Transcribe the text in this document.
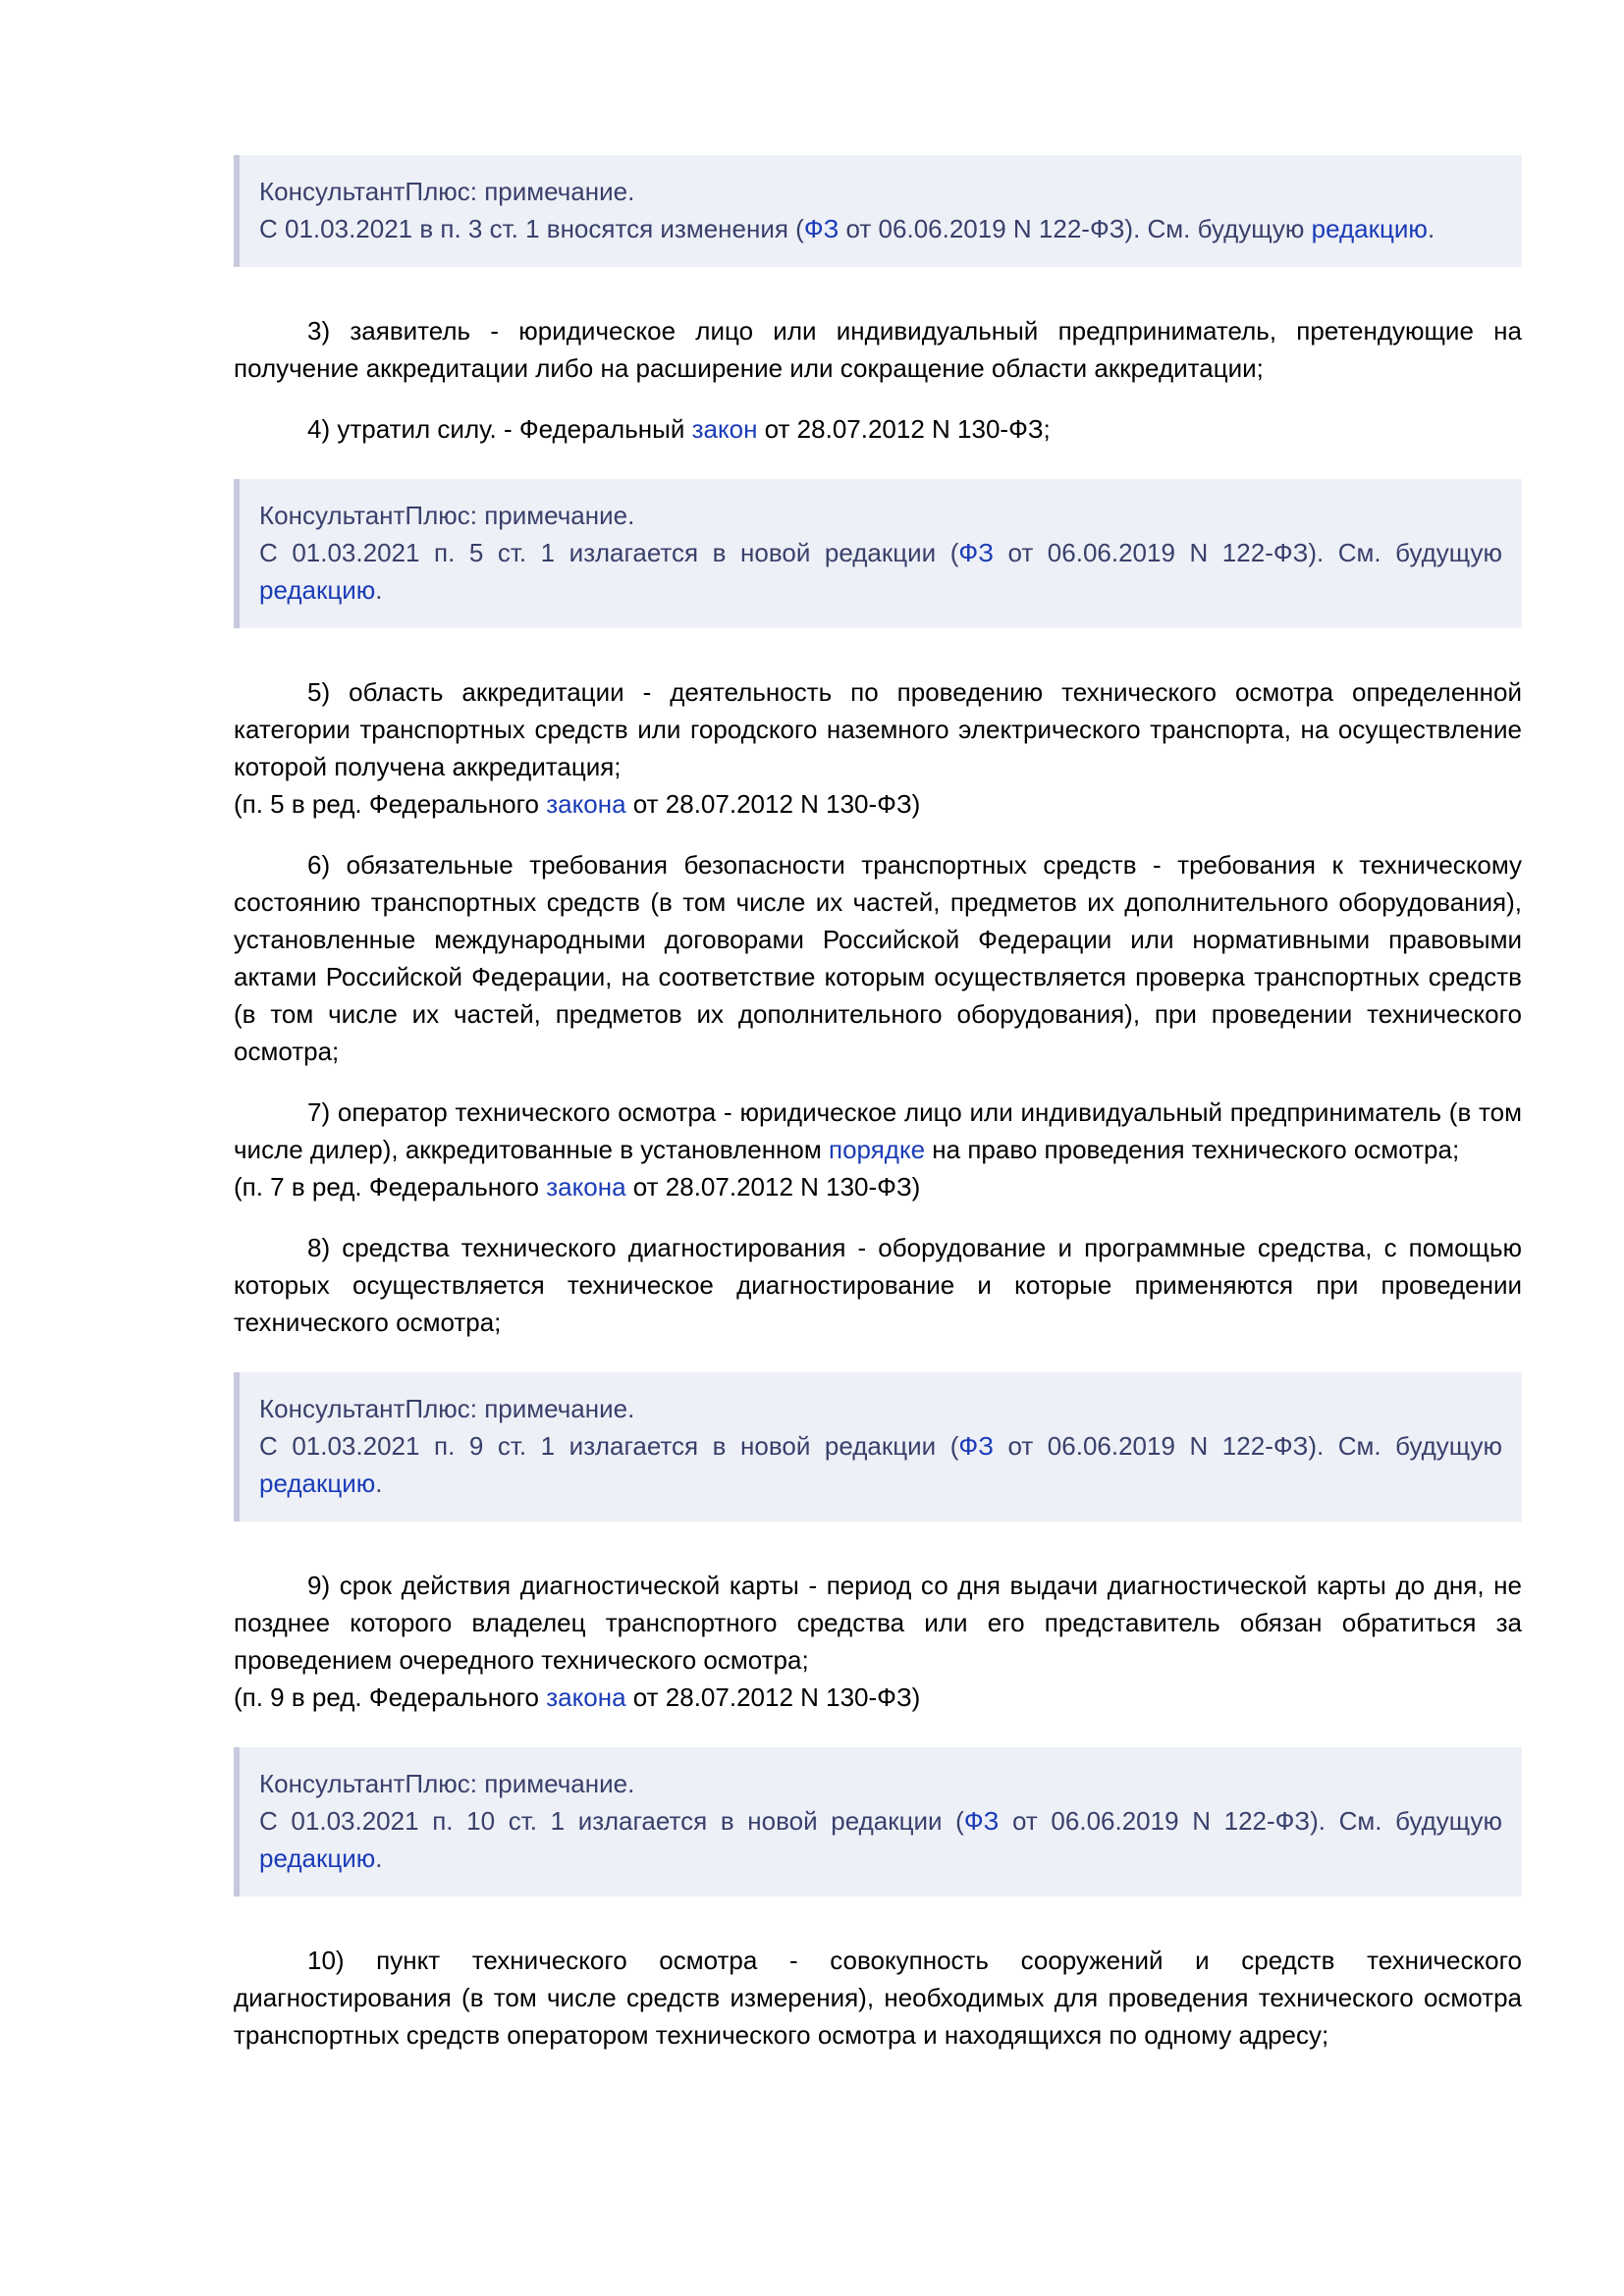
КонсультантПлюс: примечание.
С 01.03.2021 в п. 3 ст. 1 вносятся изменения (ФЗ от 06.06.2019 N 122-ФЗ). См. будущую редакцию.

3) заявитель - юридическое лицо или индивидуальный предприниматель, претендующие на получение аккредитации либо на расширение или сокращение области аккредитации;

4) утратил силу. - Федеральный закон от 28.07.2012 N 130-ФЗ;

КонсультантПлюс: примечание.
С 01.03.2021 п. 5 ст. 1 излагается в новой редакции (ФЗ от 06.06.2019 N 122-ФЗ). См. будущую редакцию.

5) область аккредитации - деятельность по проведению технического осмотра определенной категории транспортных средств или городского наземного электрического транспорта, на осуществление которой получена аккредитация;

(п. 5 в ред. Федерального закона от 28.07.2012 N 130-ФЗ)

6) обязательные требования безопасности транспортных средств - требования к техническому состоянию транспортных средств (в том числе их частей, предметов их дополнительного оборудования), установленные международными договорами Российской Федерации или нормативными правовыми актами Российской Федерации, на соответствие которым осуществляется проверка транспортных средств (в том числе их частей, предметов их дополнительного оборудования), при проведении технического осмотра;

7) оператор технического осмотра - юридическое лицо или индивидуальный предприниматель (в том числе дилер), аккредитованные в установленном порядке на право проведения технического осмотра;

(п. 7 в ред. Федерального закона от 28.07.2012 N 130-ФЗ)

8) средства технического диагностирования - оборудование и программные средства, с помощью которых осуществляется техническое диагностирование и которые применяются при проведении технического осмотра;

КонсультантПлюс: примечание.
С 01.03.2021 п. 9 ст. 1 излагается в новой редакции (ФЗ от 06.06.2019 N 122-ФЗ). См. будущую редакцию.

9) срок действия диагностической карты - период со дня выдачи диагностической карты до дня, не позднее которого владелец транспортного средства или его представитель обязан обратиться за проведением очередного технического осмотра;

(п. 9 в ред. Федерального закона от 28.07.2012 N 130-ФЗ)
КонсультантПлюс: примечание.
С 01.03.2021 п. 10 ст. 1 излагается в новой редакции (ФЗ от 06.06.2019 N 122-ФЗ). См. будущую редакцию.

10) пункт технического осмотра - совокупность сооружений и средств технического диагностирования (в том числе средств измерения), необходимых для проведения технического осмотра транспортных средств оператором технического осмотра и находящихся по одному адресу;
